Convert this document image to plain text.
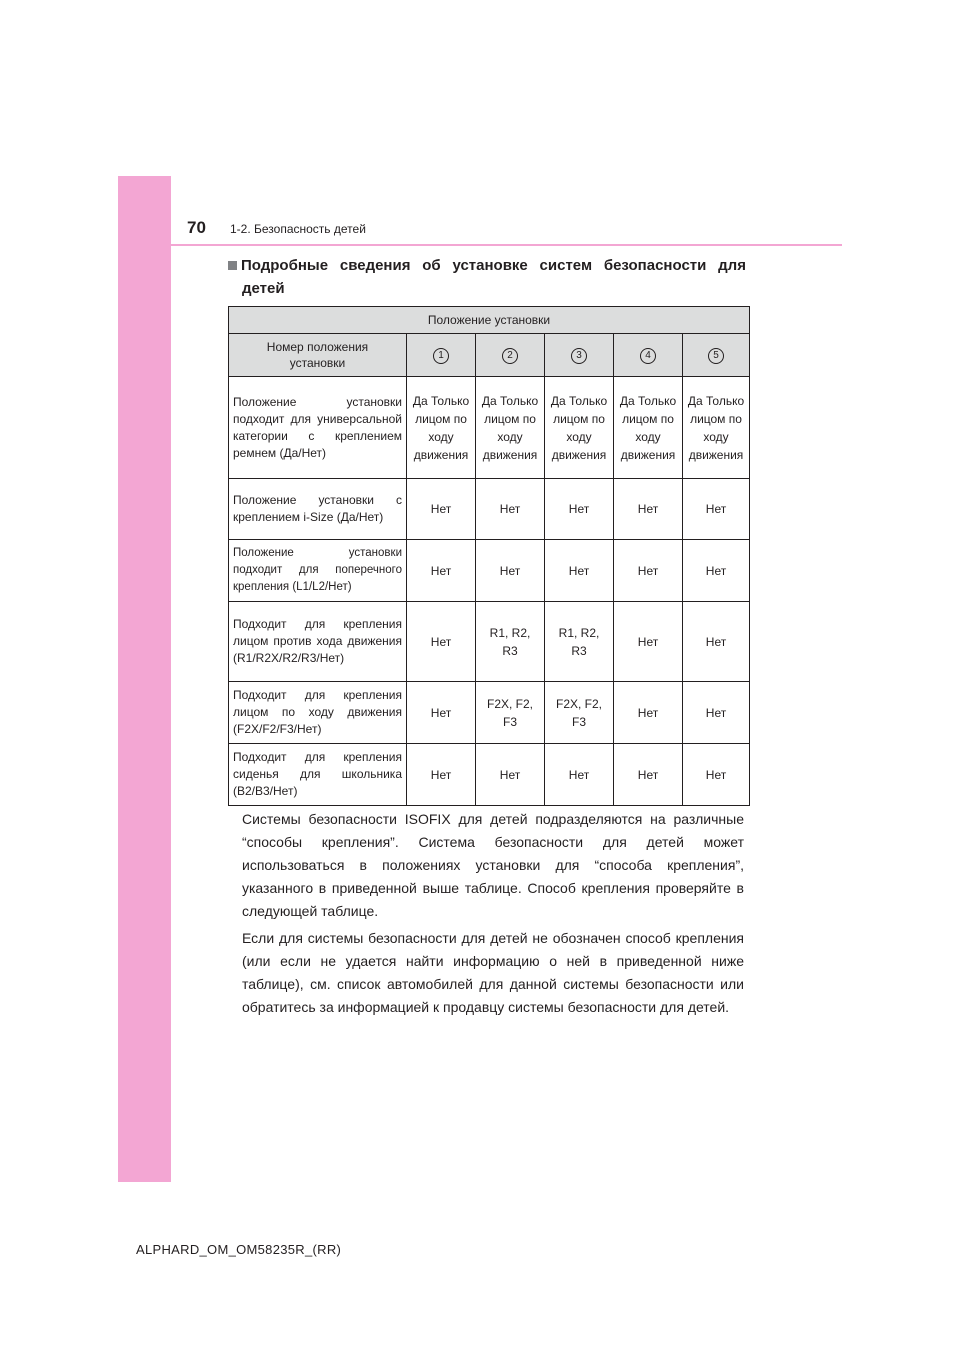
70 1-2. Безопасность детей
Подробные сведения об установке систем безопасности для
детей
Положение установки					
Номер положения установки	1	2	3	4	5
Положение установки подходит для универсальной категории с креплением ремнем (Да/Нет)	Да Только лицом по ходу движения	Да Только лицом по ходу движения	Да Только лицом по ходу движения	Да Только лицом по ходу движения	Да Только лицом по ходу движения
Положение установки с креплением i-Size (Да/Нет)	Нет	Нет	Нет	Нет	Нет
Положение установки подходит для поперечного крепления (L1/L2/Нет)	Нет	Нет	Нет	Нет	Нет
Подходит для крепления лицом против хода движения (R1/R2X/R2/R3/Нет)	Нет	R1, R2, R3	R1, R2, R3	Нет	Нет
Подходит для крепления лицом по ходу движения (F2X/F2/F3/Нет)	Нет	F2X, F2, F3	F2X, F2, F3	Нет	Нет
Подходит для крепления сиденья для школьника (B2/B3/Нет)	Нет	Нет	Нет	Нет	Нет

Системы безопасности ISOFIX для детей подразделяются на различные “способы крепления”. Система безопасности для детей может использоваться в положениях установки для “способа крепления”, указанного в приведенной выше таблице. Способ крепления проверяйте в следующей таблице.

Если для системы безопасности для детей не обозначен способ крепления (или если не удается найти информацию о ней в приведенной ниже таблице), см. список автомобилей для данной системы безопасности или обратитесь за информацией к продавцу системы безопасности для детей.

ALPHARD_OM_OM58235R_(RR)
